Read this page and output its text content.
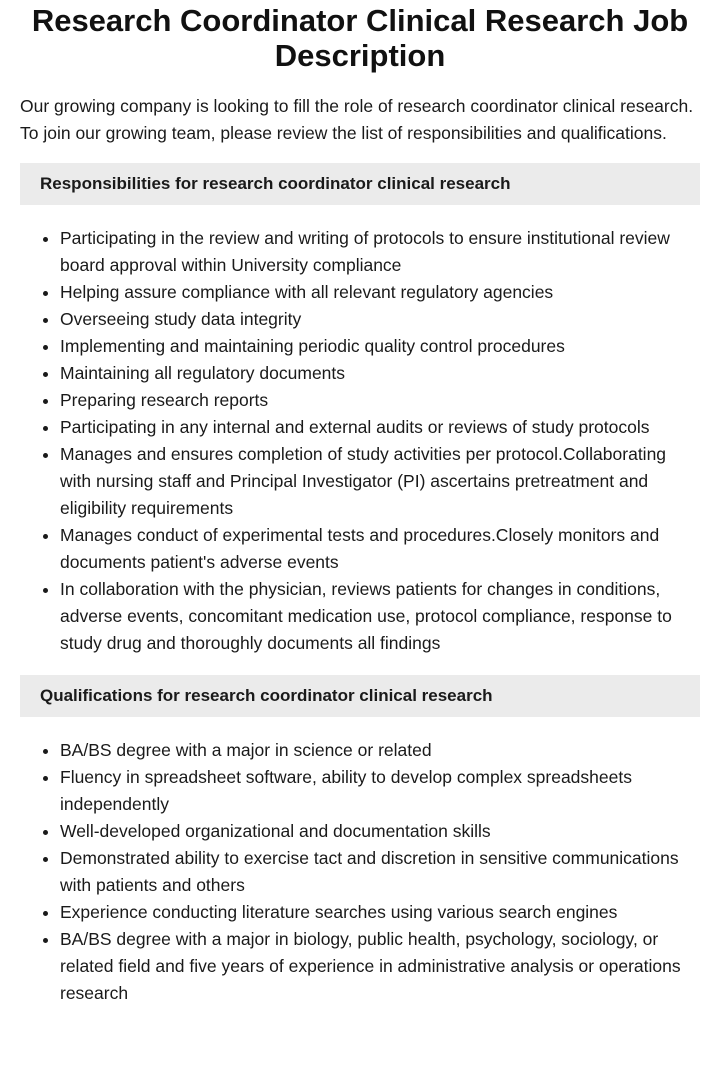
Research Coordinator Clinical Research Job Description

Our growing company is looking to fill the role of research coordinator clinical research. To join our growing team, please review the list of responsibilities and qualifications.

Responsibilities for research coordinator clinical research
• Participating in the review and writing of protocols to ensure institutional review board approval within University compliance
• Helping assure compliance with all relevant regulatory agencies
• Overseeing study data integrity
• Implementing and maintaining periodic quality control procedures
• Maintaining all regulatory documents
• Preparing research reports
• Participating in any internal and external audits or reviews of study protocols
• Manages and ensures completion of study activities per protocol.Collaborating with nursing staff and Principal Investigator (PI) ascertains pretreatment and eligibility requirements
• Manages conduct of experimental tests and procedures.Closely monitors and documents patient's adverse events
• In collaboration with the physician, reviews patients for changes in conditions, adverse events, concomitant medication use, protocol compliance, response to study drug and thoroughly documents all findings
Qualifications for research coordinator clinical research
• BA/BS degree with a major in science or related
• Fluency in spreadsheet software, ability to develop complex spreadsheets independently
• Well-developed organizational and documentation skills
• Demonstrated ability to exercise tact and discretion in sensitive communications with patients and others
• Experience conducting literature searches using various search engines
• BA/BS degree with a major in biology, public health, psychology, sociology, or related field and five years of experience in administrative analysis or operations research
